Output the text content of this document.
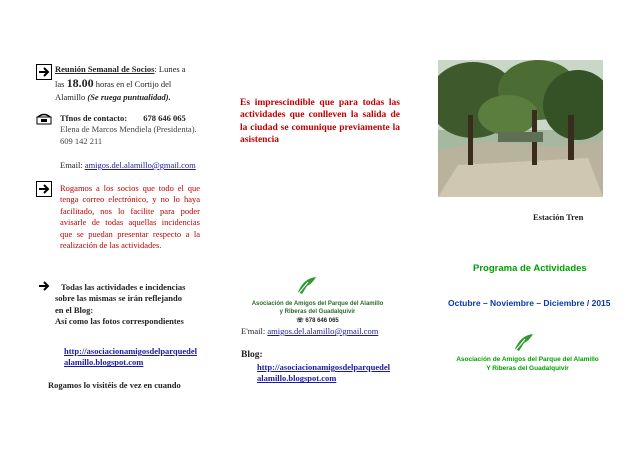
Reunión Semanal de Socios: Lunes a
las 18.00 horas en el Cortijo del
Alamillo (Se ruega puntualidad).
Tfnos de contacto: 678 646 065
Elena de Marcos Mendiela (Presidenta).
609 142 211
Email: amigos.del.alamillo@gmail.com
Rogamos a los socios que todo el que tenga correo electrónico, y no lo haya facilitado, nos lo facilite para poder avisarle de todas aquellas incidencias que se puedan presentar respecto a la realización de las actividades.
Todas las actividades e incidencias
sobre las mismas se irán reflejando
en el Blog:
Así como las fotos correspondientes
http://asociacionamigosdelparquedel
alamillo.blogspot.com
Rogamos lo visitéis de vez en cuando
Es imprescindible que para todas las actividades que conlleven la salida de la ciudad se comunique previamente la asistencia
Asociación de Amigos del Parque del Alamillo
y Riberas del Guadalquivir
☏ 678 646 065
E'mail: amigos.del.alamillo@gmail.com
Blog:
http://asociacionamigosdelparquedel
alamillo.blogspot.com
Estación Tren
Programa de Actividades
Octubre – Noviembre – Diciembre / 2015
Asociación de Amigos del Parque del Alamillo
Y Riberas del Guadalquivir
